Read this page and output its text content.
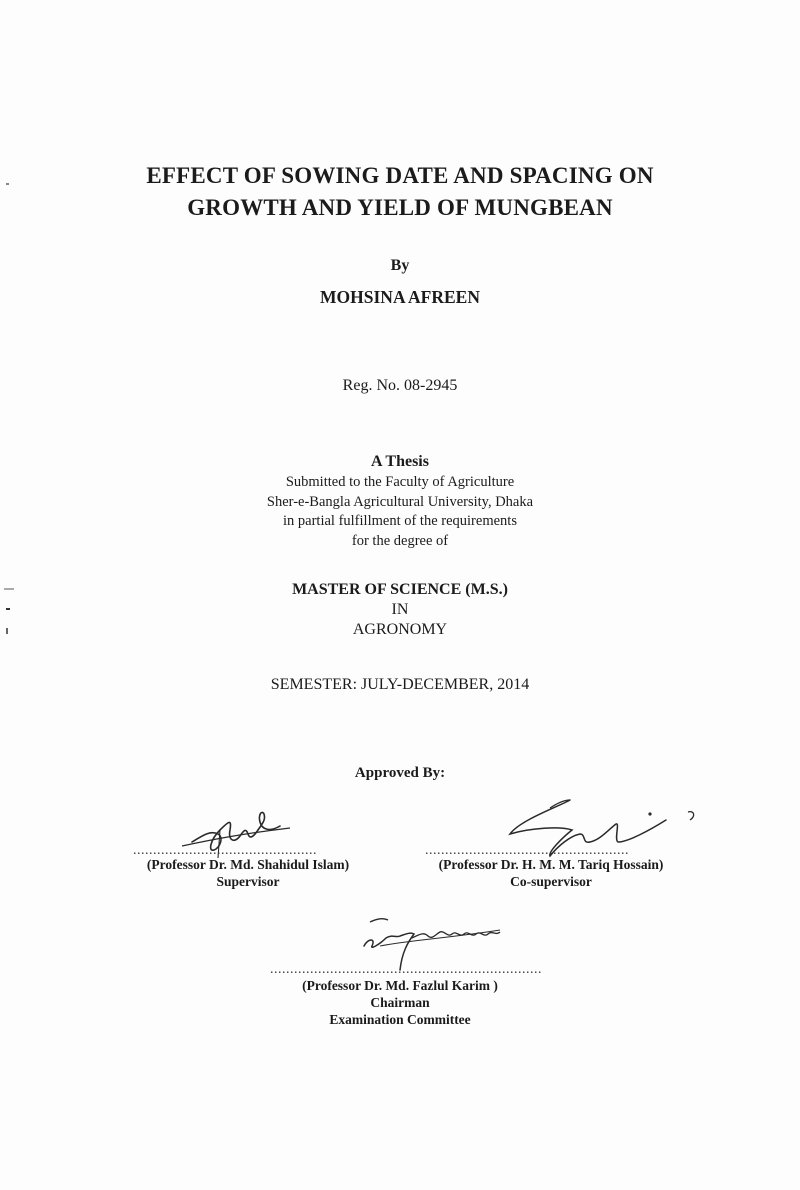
EFFECT OF SOWING DATE AND SPACING ON
GROWTH AND YIELD OF MUNGBEAN
By
MOHSINA AFREEN
Reg. No. 08-2945
A Thesis
Submitted to the Faculty of Agriculture
Sher-e-Bangla Agricultural University, Dhaka
in partial fulfillment of the requirements
for the degree of
MASTER OF SCIENCE (M.S.)
IN
AGRONOMY
SEMESTER: JULY-DECEMBER, 2014
Approved By:
..............................................
(Professor Dr. Md. Shahidul Islam)
Supervisor
...................................................
(Professor Dr. H. M. M. Tariq Hossain)
Co-supervisor
....................................................................
(Professor Dr. Md. Fazlul Karim )
Chairman
Examination Committee
